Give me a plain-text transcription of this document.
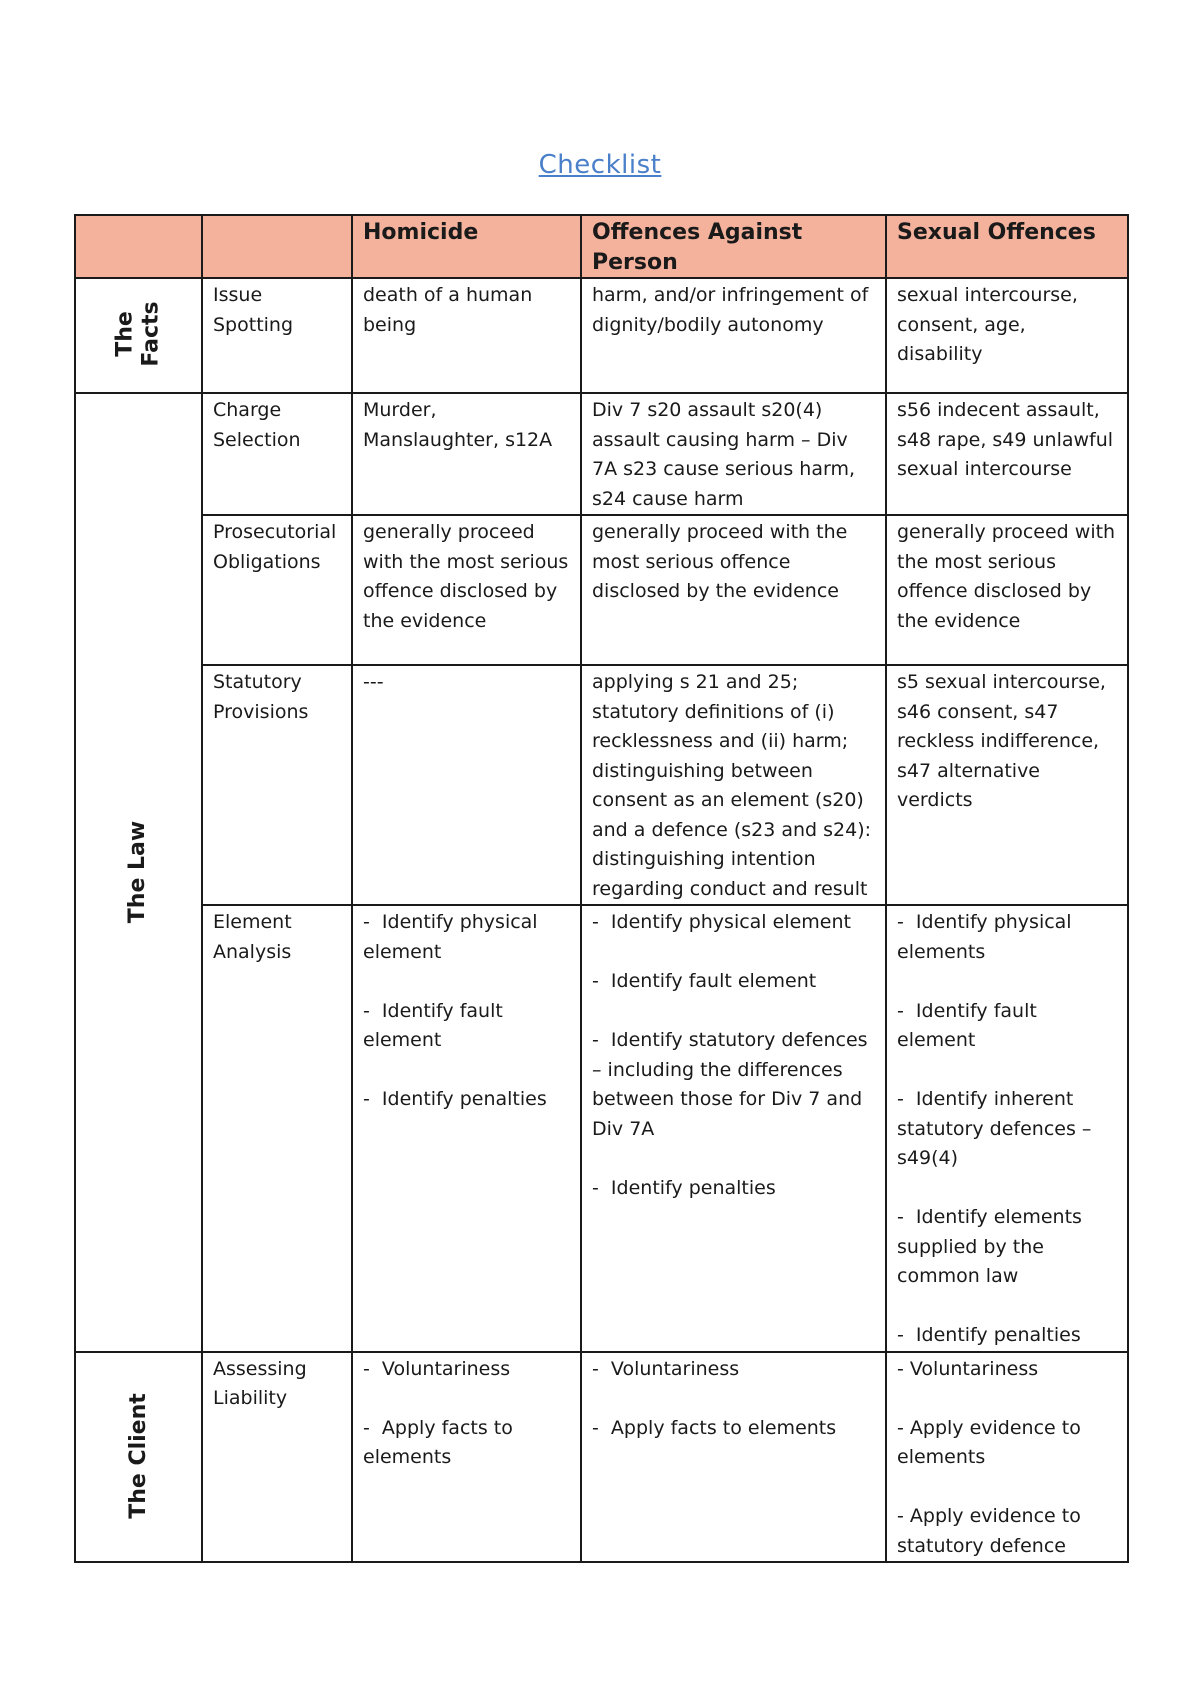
Checklist
		Homicide	Offences Against Person	Sexual Offences

The Facts	Issue Spotting	death of a human being	harm, and/or infringement of dignity/bodily autonomy	sexual intercourse, consent, age, disability

The Law	Charge Selection	Murder, Manslaughter, s12A	Div 7 s20 assault s20(4) assault causing harm – Div 7A s23 cause serious harm, s24 cause harm	s56 indecent assault, s48 rape, s49 unlawful sexual intercourse

	Prosecutorial Obligations	generally proceed with the most serious offence disclosed by the evidence	generally proceed with the most serious offence disclosed by the evidence	generally proceed with the most serious offence disclosed by the evidence

	Statutory Provisions	---	applying s 21 and 25; statutory definitions of (i) recklessness and (ii) harm; distinguishing between consent as an element (s20) and a defence (s23 and s24): distinguishing intention regarding conduct and result	s5 sexual intercourse, s46 consent, s47 reckless indifference, s47 alternative verdicts

	Element Analysis	-  Identify physical element
-  Identify fault element
-  Identify penalties	-  Identify physical element
-  Identify fault element
-  Identify statutory defences – including the differences between those for Div 7 and Div 7A
-  Identify penalties	-  Identify physical elements
-  Identify fault element
-  Identify inherent statutory defences – s49(4)
-  Identify elements supplied by the common law
-  Identify penalties

The Client	Assessing Liability	-  Voluntariness
-  Apply facts to elements	-  Voluntariness
-  Apply facts to elements	- Voluntariness
- Apply evidence to elements
- Apply evidence to statutory defence
